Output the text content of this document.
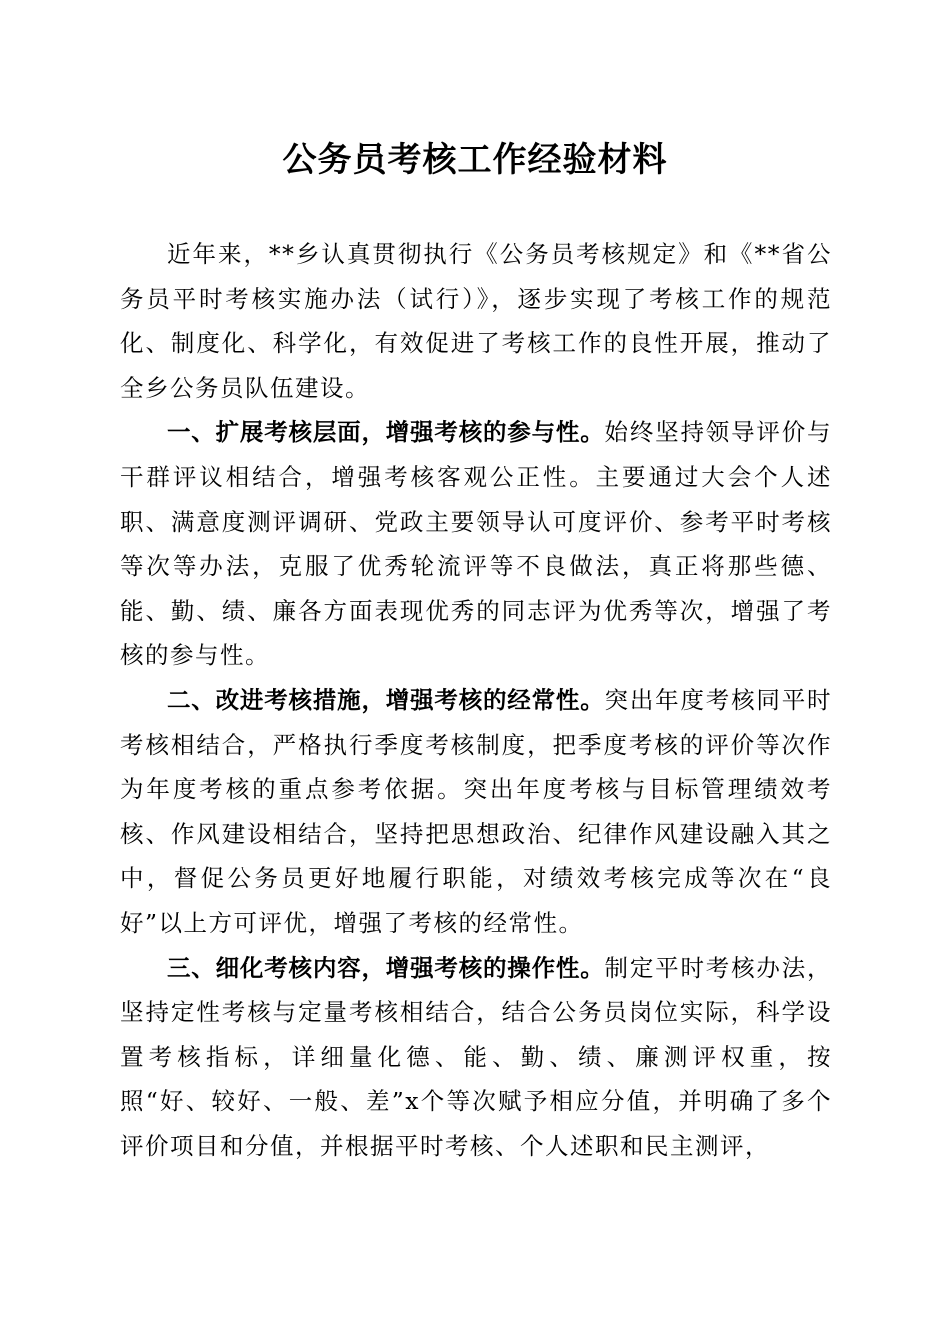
公务员考核工作经验材料

近年来，**乡认真贯彻执行《公务员考核规定》和《**省公务员平时考核实施办法（试行）》，逐步实现了考核工作的规范化、制度化、科学化，有效促进了考核工作的良性开展，推动了全乡公务员队伍建设。

一、扩展考核层面，增强考核的参与性。始终坚持领导评价与干群评议相结合，增强考核客观公正性。主要通过大会个人述职、满意度测评调研、党政主要领导认可度评价、参考平时考核等次等办法，克服了优秀轮流评等不良做法，真正将那些德、能、勤、绩、廉各方面表现优秀的同志评为优秀等次，增强了考核的参与性。

二、改进考核措施，增强考核的经常性。突出年度考核同平时考核相结合，严格执行季度考核制度，把季度考核的评价等次作为年度考核的重点参考依据。突出年度考核与目标管理绩效考核、作风建设相结合，坚持把思想政治、纪律作风建设融入其之中，督促公务员更好地履行职能，对绩效考核完成等次在“良好”以上方可评优，增强了考核的经常性。

三、细化考核内容，增强考核的操作性。制定平时考核办法，坚持定性考核与定量考核相结合，结合公务员岗位实际，科学设置考核指标，详细量化德、能、勤、绩、廉测评权重，按照“好、较好、一般、差”x个等次赋予相应分值，并明确了多个评价项目和分值，并根据平时考核、个人述职和民主测评，
